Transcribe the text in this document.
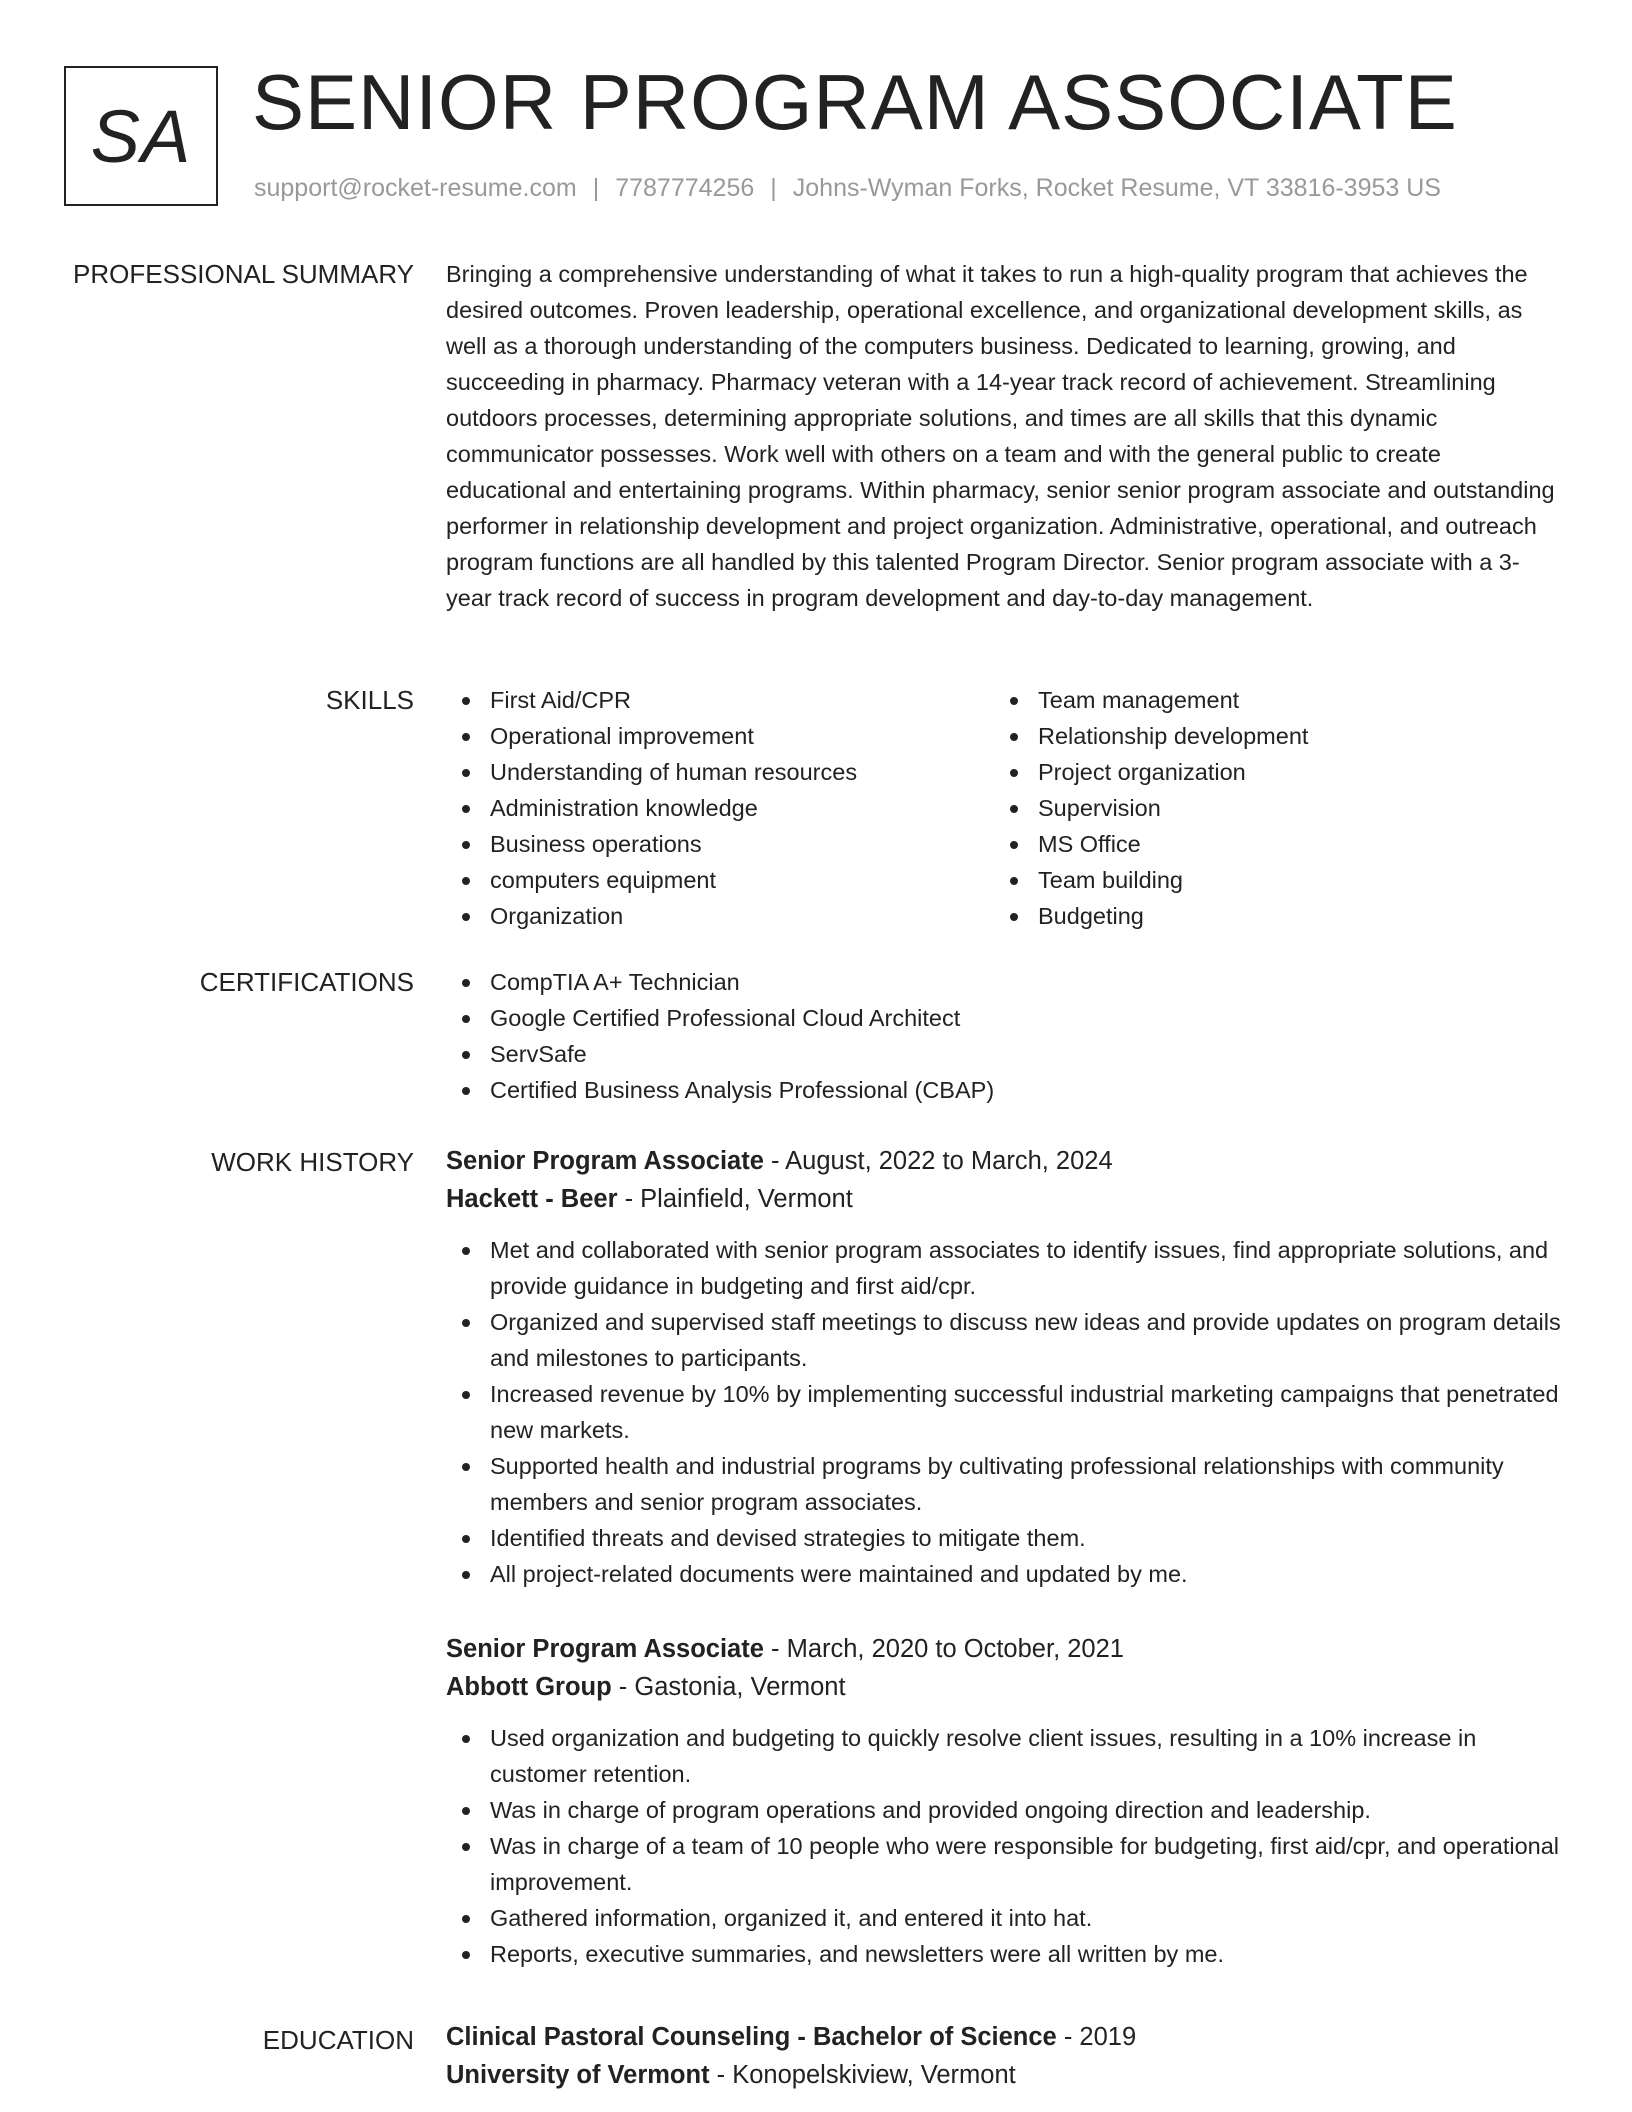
SA SENIOR PROGRAM ASSOCIATE
support@rocket-resume.com | 7787774256 | Johns-Wyman Forks, Rocket Resume, VT 33816-3953 US
PROFESSIONAL SUMMARY Bringing a comprehensive understanding of what it takes to run a high-quality program that achieves the desired outcomes. Proven leadership, operational excellence, and organizational development skills, as well as a thorough understanding of the computers business. Dedicated to learning, growing, and succeeding in pharmacy. Pharmacy veteran with a 14-year track record of achievement. Streamlining outdoors processes, determining appropriate solutions, and times are all skills that this dynamic communicator possesses. Work well with others on a team and with the general public to create educational and entertaining programs. Within pharmacy, senior senior program associate and outstanding performer in relationship development and project organization. Administrative, operational, and outreach program functions are all handled by this talented Program Director. Senior program associate with a 3-year track record of success in program development and day-to-day management.

SKILLS	First Aid/CPR
Operational improvement
Understanding of human resources
Administration knowledge
Business operations
computers equipment
Organization
Team management
Relationship development
Project organization
Supervision
MS Office
Team building
Budgeting
CERTIFICATIONS	CompTIA A+ Technician
Google Certified Professional Cloud Architect
ServSafe
Certified Business Analysis Professional (CBAP)
WORK HISTORY Senior Program Associate - August, 2022 to March, 2024
Hackett - Beer - Plainfield, Vermont
Met and collaborated with senior program associates to identify issues, find appropriate solutions, and provide guidance in budgeting and first aid/cpr.
Organized and supervised staff meetings to discuss new ideas and provide updates on program details and milestones to participants.
Increased revenue by 10% by implementing successful industrial marketing campaigns that penetrated new markets.
Supported health and industrial programs by cultivating professional relationships with community members and senior program associates.
Identified threats and devised strategies to mitigate them.
All project-related documents were maintained and updated by me.
Senior Program Associate - March, 2020 to October, 2021
Abbott Group - Gastonia, Vermont
Used organization and budgeting to quickly resolve client issues, resulting in a 10% increase in customer retention.
Was in charge of program operations and provided ongoing direction and leadership.
Was in charge of a team of 10 people who were responsible for budgeting, first aid/cpr, and operational improvement.
Gathered information, organized it, and entered it into hat.
Reports, executive summaries, and newsletters were all written by me.
EDUCATION Clinical Pastoral Counseling - Bachelor of Science - 2019
University of Vermont - Konopelskiview, Vermont
